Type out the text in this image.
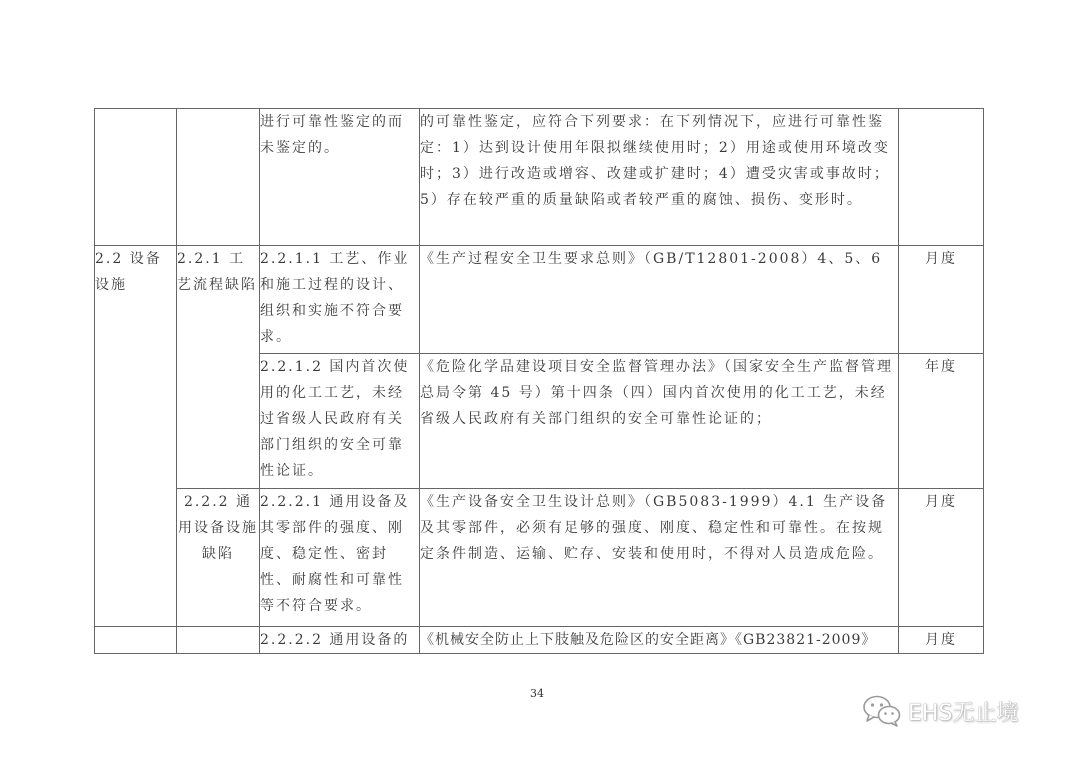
		进行可靠性鉴定的而未鉴定的。	的可靠性鉴定，应符合下列要求：在下列情况下，应进行可靠性鉴定：1）达到设计使用年限拟继续使用时；2）用途或使用环境改变时；3）进行改造或增容、改建或扩建时；4）遭受灾害或事故时；5）存在较严重的质量缺陷或者较严重的腐蚀、损伤、变形时。	
2.2 设备设施	2.2.1 工艺流程缺陷	2.2.1.1 工艺、作业和施工过程的设计、组织和实施不符合要求。	《生产过程安全卫生要求总则》（GB/T12801-2008）4、5、6	月度
		2.2.1.2 国内首次使用的化工工艺，未经过省级人民政府有关部门组织的安全可靠性论证。	《危险化学品建设项目安全监督管理办法》（国家安全生产监督管理总局令第 45 号）第十四条（四）国内首次使用的化工工艺，未经省级人民政府有关部门组织的安全可靠性论证的；	年度
	2.2.2 通用设备设施缺陷	2.2.2.1 通用设备及其零部件的强度、刚度、稳定性、密封性、耐腐性和可靠性等不符合要求。	《生产设备安全卫生设计总则》（GB5083-1999）4.1 生产设备及其零部件，必须有足够的强度、刚度、稳定性和可靠性。在按规定条件制造、运输、贮存、安装和使用时，不得对人员造成危险。	月度
		2.2.2.2 通用设备的	《机械安全防止上下肢触及危险区的安全距离》《GB23821-2009》	月度
34
EHS无止境
